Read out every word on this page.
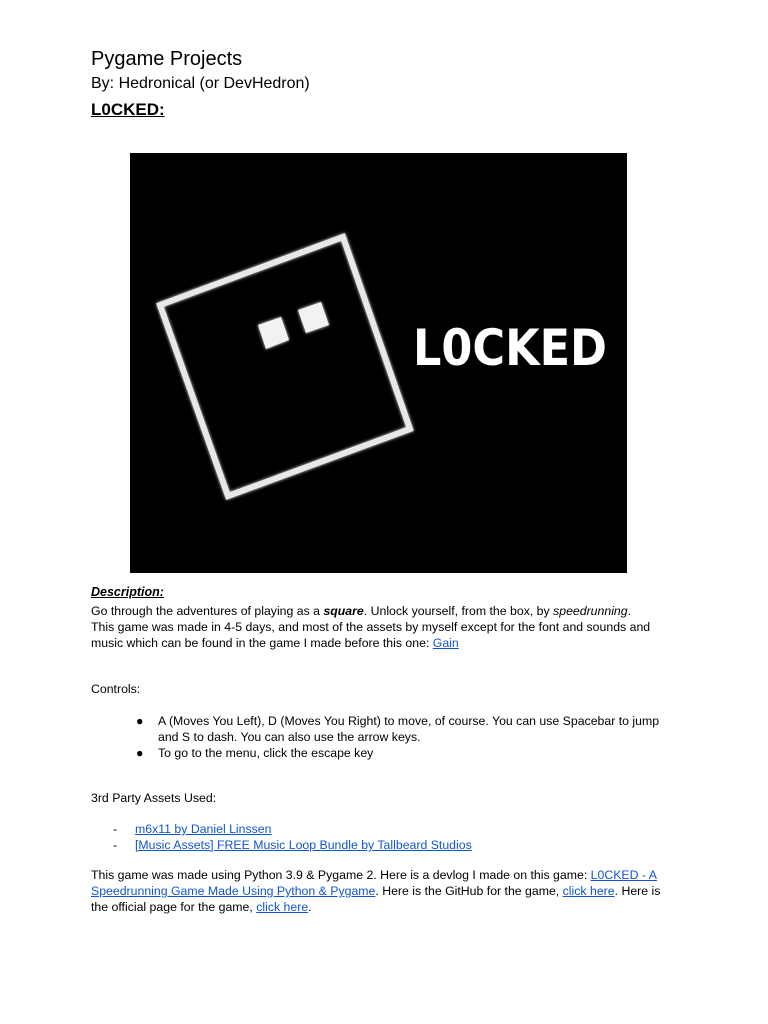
Pygame Projects
By: Hedronical (or DevHedron)
L0CKED:
L0CKED
Description:
Go through the adventures of playing as a square. Unlock yourself, from the box, by speedrunning.
This game was made in 4-5 days, and most of the assets by myself except for the font and sounds and music which can be found in the game I made before this one: Gain
Controls:
● A (Moves You Left), D (Moves You Right) to move, of course. You can use Spacebar to jump and S to dash. You can also use the arrow keys.
● To go to the menu, click the escape key
3rd Party Assets Used:
- m6x11 by Daniel Linssen
- [Music Assets] FREE Music Loop Bundle by Tallbeard Studios
This game was made using Python 3.9 & Pygame 2. Here is a devlog I made on this game: L0CKED - A Speedrunning Game Made Using Python & Pygame. Here is the GitHub for the game, click here. Here is the official page for the game, click here.
